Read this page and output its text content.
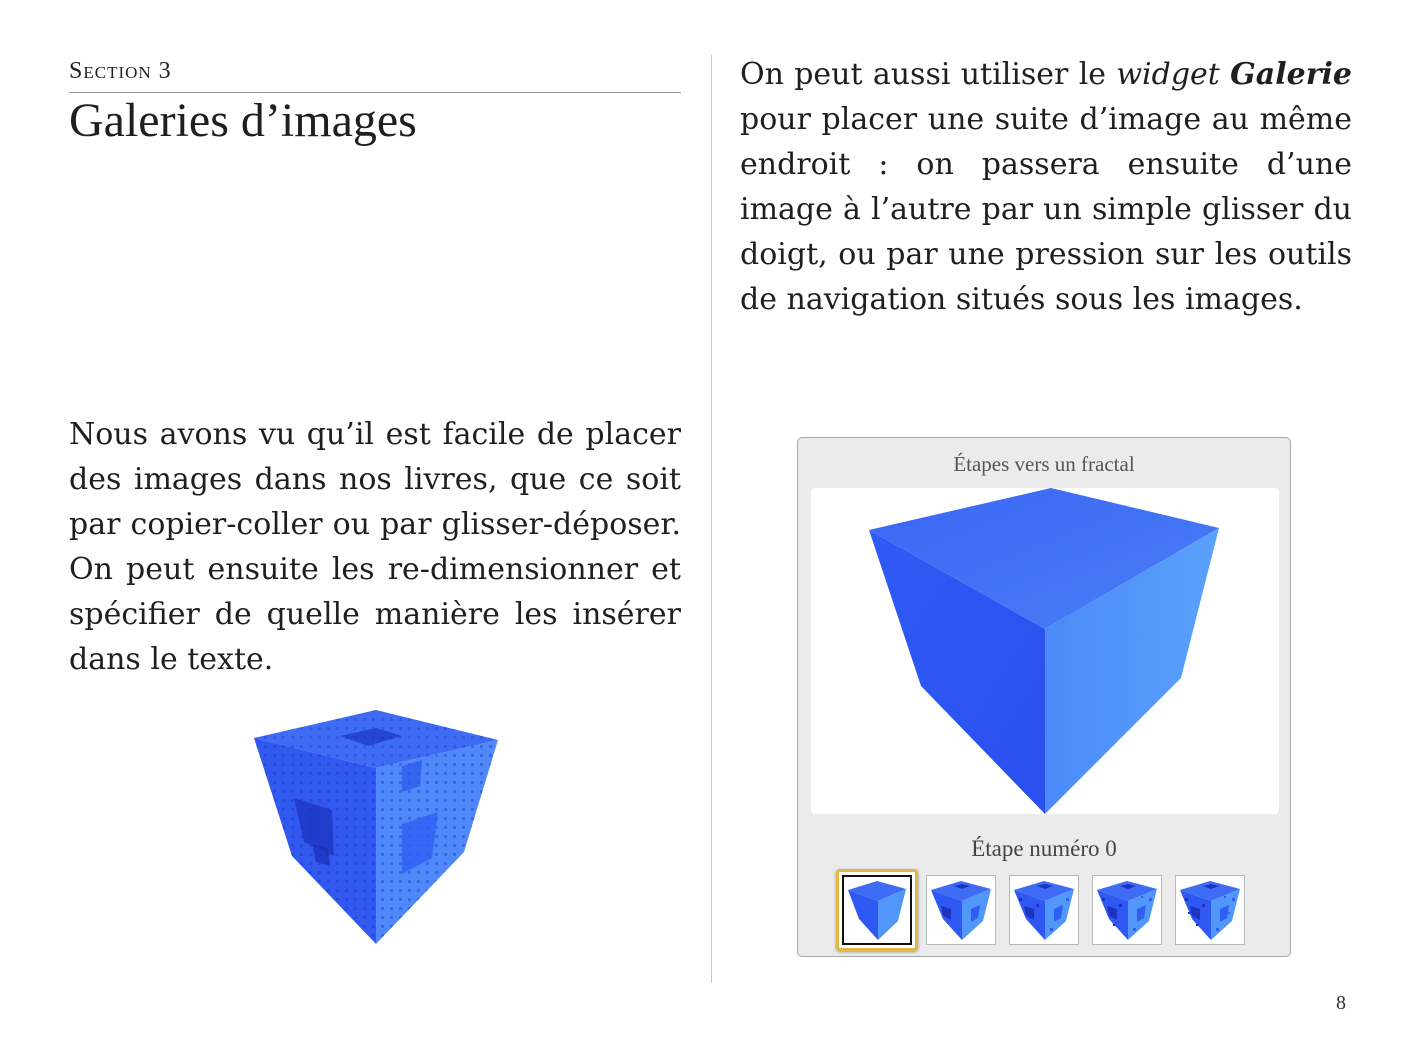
Section 3
Galeries d’images

Nous avons vu qu’il est facile de placer des images dans nos livres, que ce soit par copier-coller ou par glisser-déposer. On peut ensuite les re-dimensionner et spécifier de quelle manière les insérer dans le texte.

On peut aussi utiliser le widget Galerie pour placer une suite d’image au même endroit : on passera ensuite d’une image à l’autre par un simple glisser du doigt, ou par une pression sur les outils de navigation situés sous les images.

Étapes vers un fractal
Étape numéro 0
8
